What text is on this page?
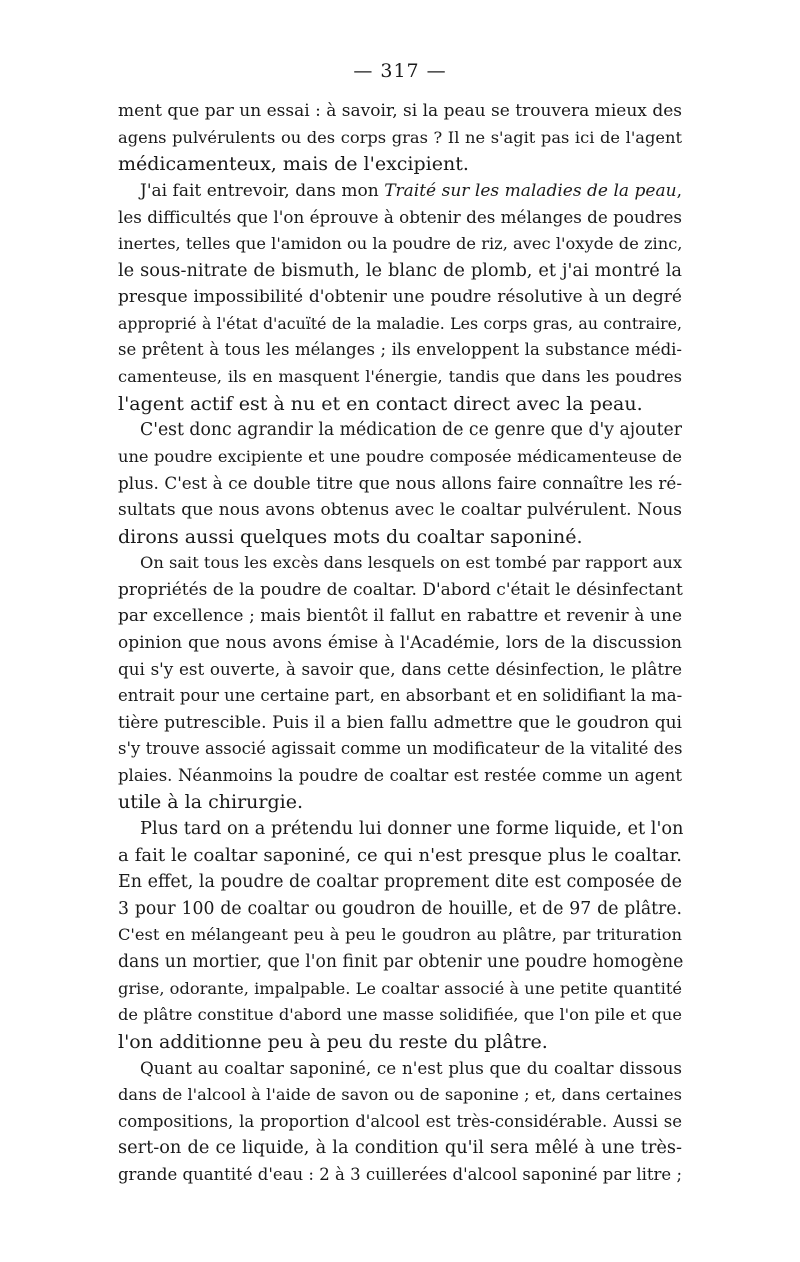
— 317 —
ment que par un essai : à savoir, si la peau se trouvera mieux des
agens pulvérulents ou des corps gras ? Il ne s'agit pas ici de l'agent
médicamenteux, mais de l'excipient.
J'ai fait entrevoir, dans mon Traité sur les maladies de la peau,
les difficultés que l'on éprouve à obtenir des mélanges de poudres
inertes, telles que l'amidon ou la poudre de riz, avec l'oxyde de zinc,
le sous-nitrate de bismuth, le blanc de plomb, et j'ai montré la
presque impossibilité d'obtenir une poudre résolutive à un degré
approprié à l'état d'acuïté de la maladie. Les corps gras, au contraire,
se prêtent à tous les mélanges ; ils enveloppent la substance médi-
camenteuse, ils en masquent l'énergie, tandis que dans les poudres
l'agent actif est à nu et en contact direct avec la peau.
C'est donc agrandir la médication de ce genre que d'y ajouter
une poudre excipiente et une poudre composée médicamenteuse de
plus. C'est à ce double titre que nous allons faire connaître les ré-
sultats que nous avons obtenus avec le coaltar pulvérulent. Nous
dirons aussi quelques mots du coaltar saponiné.
On sait tous les excès dans lesquels on est tombé par rapport aux
propriétés de la poudre de coaltar. D'abord c'était le désinfectant
par excellence ; mais bientôt il fallut en rabattre et revenir à une
opinion que nous avons émise à l'Académie, lors de la discussion
qui s'y est ouverte, à savoir que, dans cette désinfection, le plâtre
entrait pour une certaine part, en absorbant et en solidifiant la ma-
tière putrescible. Puis il a bien fallu admettre que le goudron qui
s'y trouve associé agissait comme un modificateur de la vitalité des
plaies. Néanmoins la poudre de coaltar est restée comme un agent
utile à la chirurgie.
Plus tard on a prétendu lui donner une forme liquide, et l'on
a fait le coaltar saponiné, ce qui n'est presque plus le coaltar.
En effet, la poudre de coaltar proprement dite est composée de
3 pour 100 de coaltar ou goudron de houille, et de 97 de plâtre.
C'est en mélangeant peu à peu le goudron au plâtre, par trituration
dans un mortier, que l'on finit par obtenir une poudre homogène
grise, odorante, impalpable. Le coaltar associé à une petite quantité
de plâtre constitue d'abord une masse solidifiée, que l'on pile et que
l'on additionne peu à peu du reste du plâtre.
Quant au coaltar saponiné, ce n'est plus que du coaltar dissous
dans de l'alcool à l'aide de savon ou de saponine ; et, dans certaines
compositions, la proportion d'alcool est très-considérable. Aussi se
sert-on de ce liquide, à la condition qu'il sera mêlé à une très-
grande quantité d'eau : 2 à 3 cuillerées d'alcool saponiné par litre ;
